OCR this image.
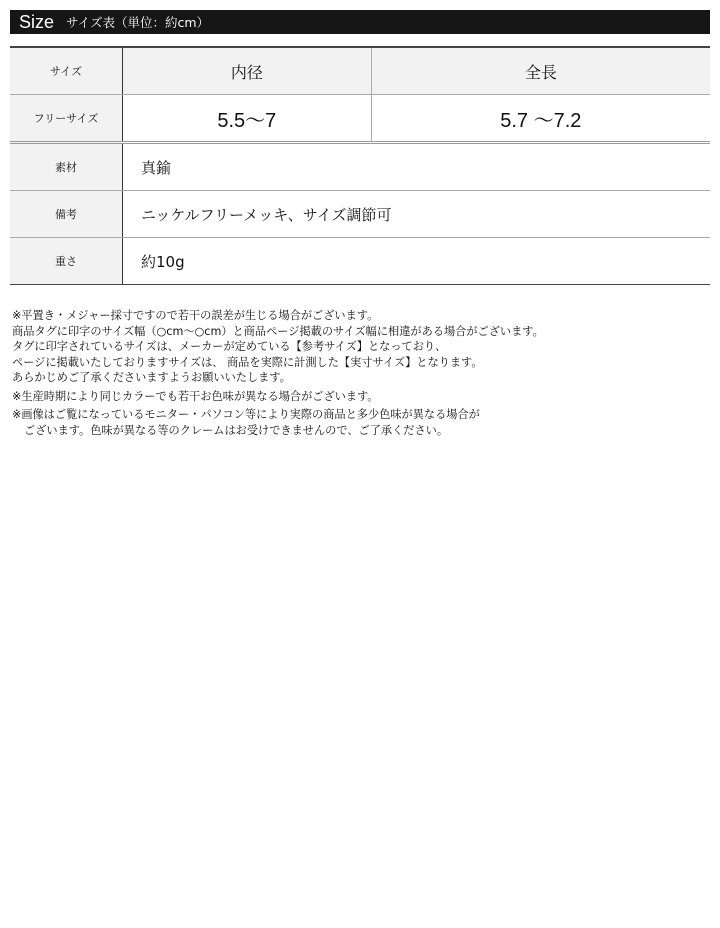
Size サイズ表（単位：約cm）
サイズ	内径	全長
フリーサイズ	5.5〜7	5.7 〜7.2
素材	真鍮	
備考	ニッケルフリーメッキ、サイズ調節可	
重さ	約10g	

※平置き・メジャー採寸ですので若干の誤差が生じる場合がございます。

商品タグに印字のサイズ幅（○cm〜○cm）と商品ページ掲載のサイズ幅に相違がある場合がございます。

タグに印字されているサイズは、メーカーが定めている【参考サイズ】となっており、

ページに掲載いたしておりますサイズは、 商品を実際に計測した【実寸サイズ】となります。

あらかじめご了承くださいますようお願いいたします。

※生産時期により同じカラーでも若干お色味が異なる場合がございます。

※画像はご覧になっているモニター・パソコン等により実際の商品と多少色味が異なる場合が

ございます。色味が異なる等のクレームはお受けできませんので、ご了承ください。
